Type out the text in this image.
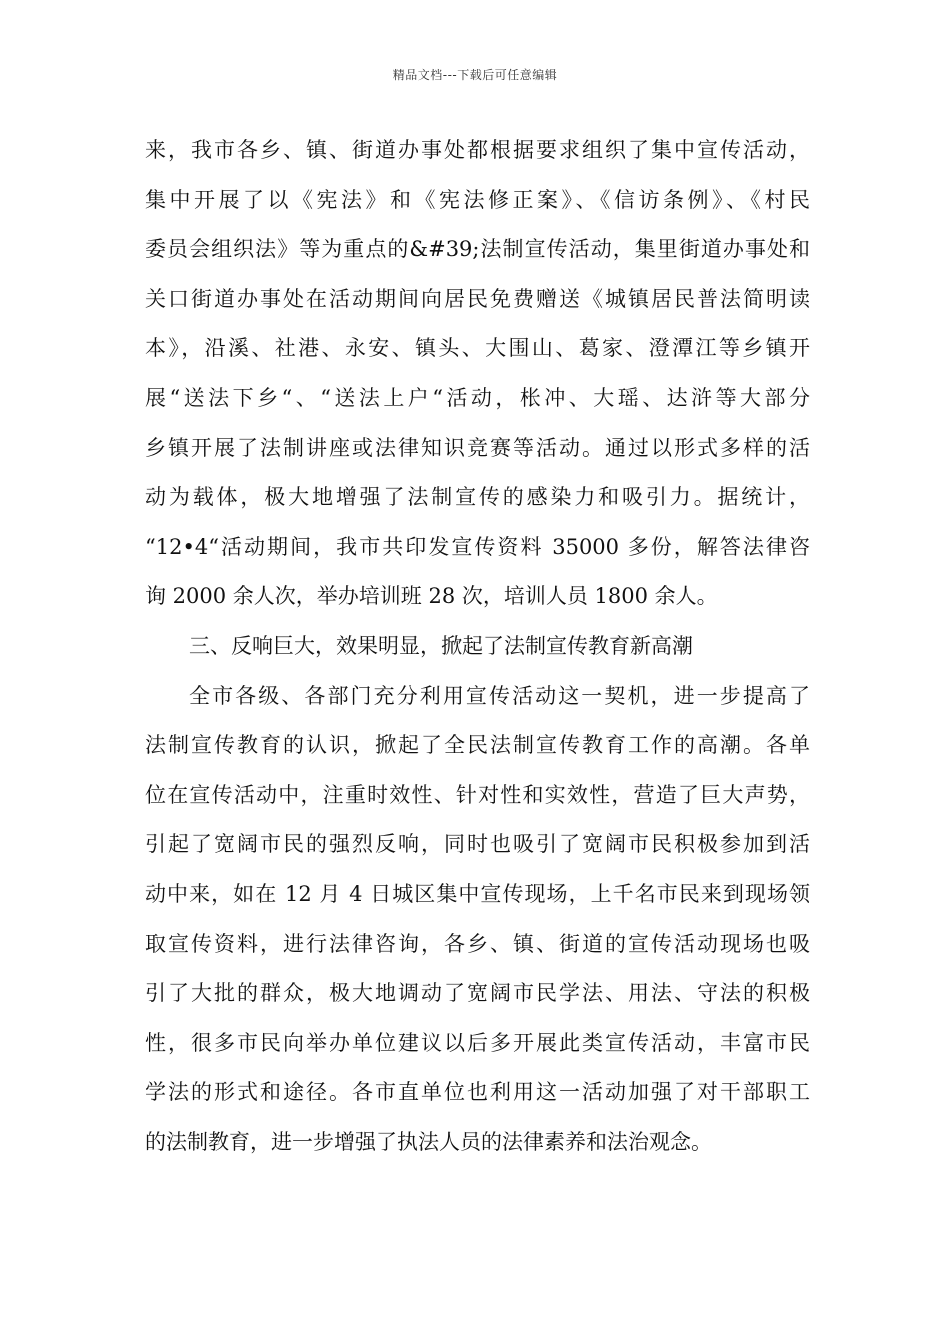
精品文档---下载后可任意编辑
来，我市各乡、镇、街道办事处都根据要求组织了集中宣传活动，
集中开展了以《宪法》和《宪法修正案》、《信访条例》、《村民
委员会组织法》等为重点的&#39;法制宣传活动，集里街道办事处和
关口街道办事处在活动期间向居民免费赠送《城镇居民普法简明读
本》，沿溪、社港、永安、镇头、大围山、葛家、澄潭江等乡镇开
展“送法下乡“、“送法上户“活动，枨冲、大瑶、达浒等大部分
乡镇开展了法制讲座或法律知识竞赛等活动。通过以形式多样的活
动为载体，极大地增强了法制宣传的感染力和吸引力。据统计，
“12•4“活动期间，我市共印发宣传资料 35000 多份，解答法律咨
询 2000 余人次，举办培训班 28 次，培训人员 1800 余人。
三、反响巨大，效果明显，掀起了法制宣传教育新高潮
全市各级、各部门充分利用宣传活动这一契机，进一步提高了
法制宣传教育的认识，掀起了全民法制宣传教育工作的高潮。各单
位在宣传活动中，注重时效性、针对性和实效性，营造了巨大声势，
引起了宽阔市民的强烈反响，同时也吸引了宽阔市民积极参加到活
动中来，如在 12 月 4 日城区集中宣传现场，上千名市民来到现场领
取宣传资料，进行法律咨询，各乡、镇、街道的宣传活动现场也吸
引了大批的群众，极大地调动了宽阔市民学法、用法、守法的积极
性，很多市民向举办单位建议以后多开展此类宣传活动，丰富市民
学法的形式和途径。各市直单位也利用这一活动加强了对干部职工
的法制教育，进一步增强了执法人员的法律素养和法治观念。
